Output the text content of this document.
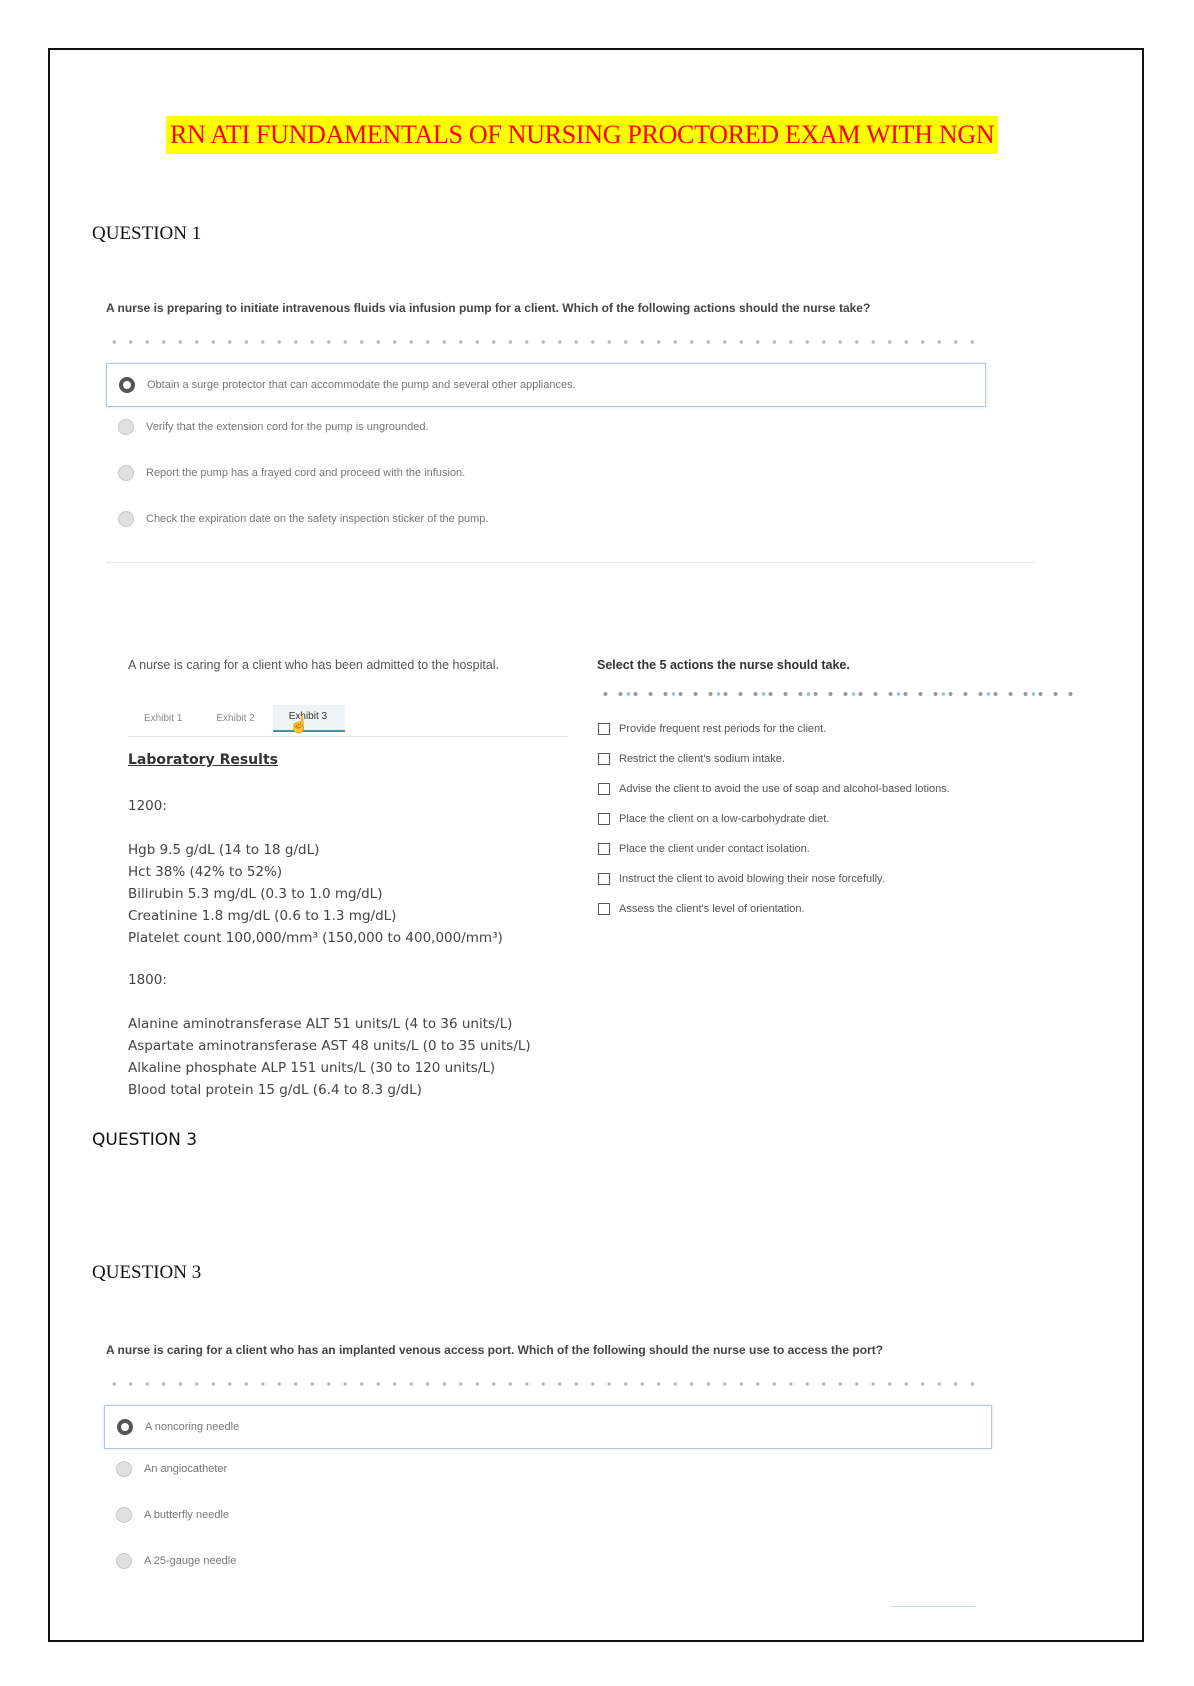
RN ATI FUNDAMENTALS OF NURSING PROCTORED EXAM WITH NGN
QUESTION 1
A nurse is preparing to initiate intravenous fluids via infusion pump for a client. Which of the following actions should the nurse take?
Obtain a surge protector that can accommodate the pump and several other appliances.
Verify that the extension cord for the pump is ungrounded.
Report the pump has a frayed cord and proceed with the infusion.
Check the expiration date on the safety inspection sticker of the pump.
A nurse is caring for a client who has been admitted to the hospital.
Exhibit 1	Exhibit 2	Exhibit 3
☝
Laboratory Results
1200:
Hgb 9.5 g/dL (14 to 18 g/dL)
Hct 38% (42% to 52%)
Bilirubin 5.3 mg/dL (0.3 to 1.0 mg/dL)
Creatinine 1.8 mg/dL (0.6 to 1.3 mg/dL)
Platelet count 100,000/mm³ (150,000 to 400,000/mm³)
1800:
Alanine aminotransferase ALT 51 units/L (4 to 36 units/L)
Aspartate aminotransferase AST 48 units/L (0 to 35 units/L)
Alkaline phosphate ALP 151 units/L (30 to 120 units/L)
Blood total protein 15 g/dL (6.4 to 8.3 g/dL)
Select the 5 actions the nurse should take.
Provide frequent rest periods for the client.
Restrict the client's sodium intake.
Advise the client to avoid the use of soap and alcohol-based lotions.
Place the client on a low-carbohydrate diet.
Place the client under contact isolation.
Instruct the client to avoid blowing their nose forcefully.
Assess the client's level of orientation.
QUESTION 3
QUESTION 3
A nurse is caring for a client who has an implanted venous access port. Which of the following should the nurse use to access the port?
A noncoring needle
An angiocatheter
A butterfly needle
A 25-gauge needle
